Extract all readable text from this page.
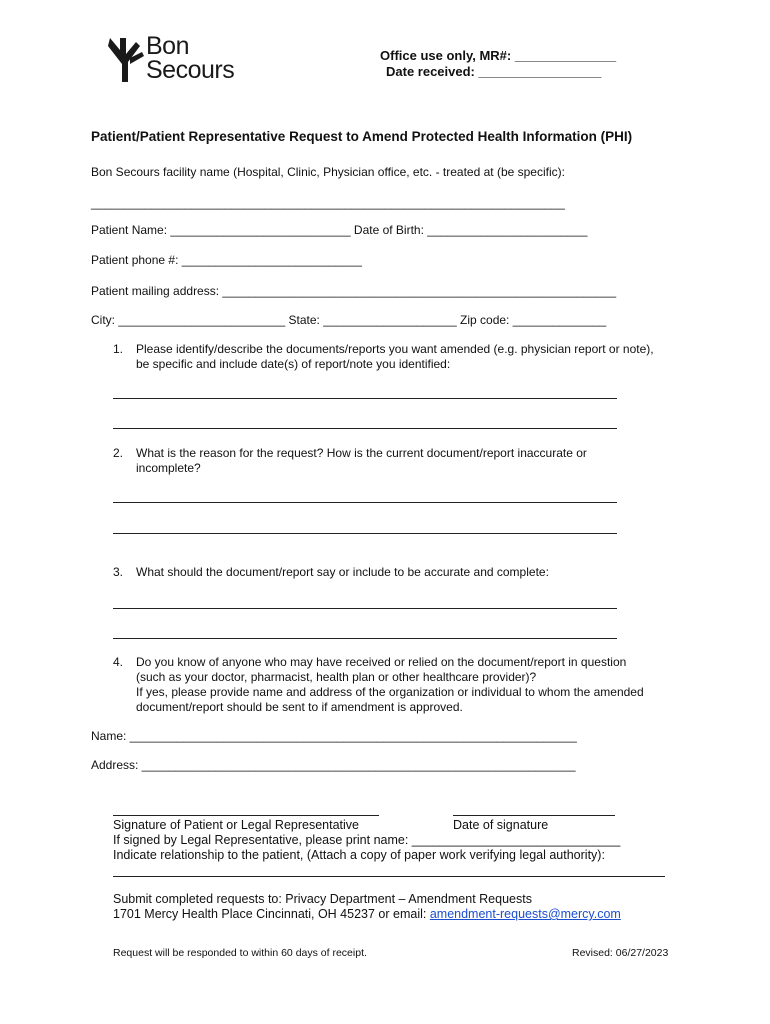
Bon
Secours
Office use only, MR#: ______________
Date received: _________________
Patient/Patient Representative Request to Amend Protected Health Information (PHI)
Bon Secours facility name (Hospital, Clinic, Physician office, etc. - treated at (be specific):
_______________________________________________________________________
Patient Name: ___________________________ Date of Birth: ________________________
Patient phone #: ___________________________
Patient mailing address: ___________________________________________________________
City: _________________________ State: ____________________ Zip code: ______________
1. Please identify/describe the documents/reports you want amended (e.g. physician report or note),
be specific and include date(s) of report/note you identified:
2. What is the reason for the request? How is the current document/report inaccurate or
incomplete?
3. What should the document/report say or include to be accurate and complete:
4. Do you know of anyone who may have received or relied on the document/report in question
(such as your doctor, pharmacist, health plan or other healthcare provider)?
If yes, please provide name and address of the organization or individual to whom the amended
document/report should be sent to if amendment is approved.
Name: ___________________________________________________________________
Address: _________________________________________________________________
Signature of Patient or Legal Representative	Date of signature
If signed by Legal Representative, please print name: ______________________________
Indicate relationship to the patient, (Attach a copy of paper work verifying legal authority):
Submit completed requests to: Privacy Department – Amendment Requests
1701 Mercy Health Place Cincinnati, OH 45237 or email: amendment-requests@mercy.com
Request will be responded to within 60 days of receipt.	Revised: 06/27/2023
